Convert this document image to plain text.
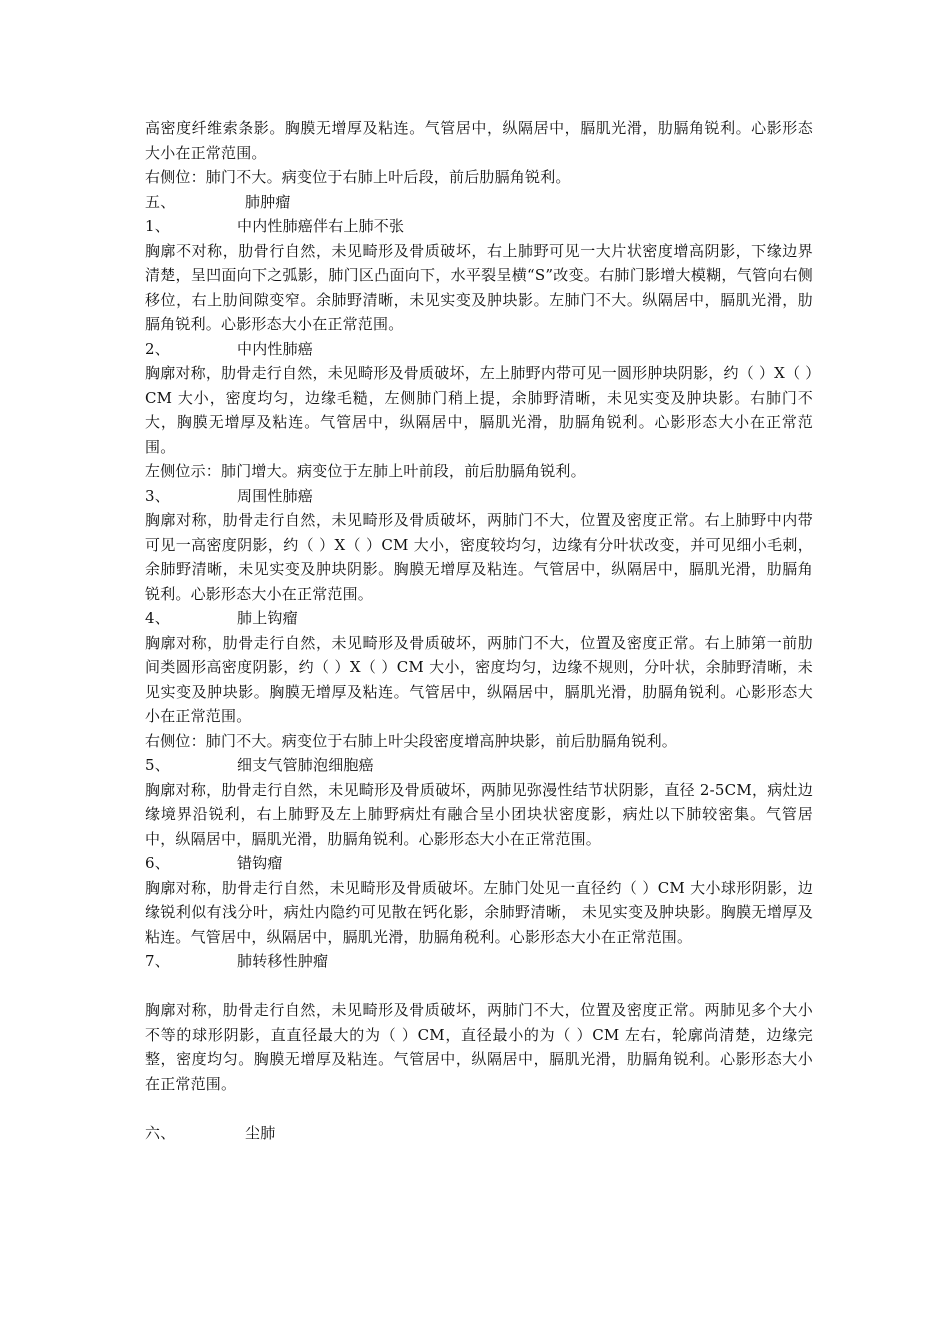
高密度纤维索条影。胸膜无增厚及粘连。气管居中，纵隔居中，膈肌光滑，肋膈角锐利。心影形态大小在正常范围。

右侧位：肺门不大。病变位于右肺上叶后段，前后肋膈角锐利。

五、	肺肿瘤
1、	中内性肺癌伴右上肺不张

胸廓不对称，肋骨行自然，未见畸形及骨质破坏，右上肺野可见一大片状密度增高阴影，下缘边界清楚，呈凹面向下之弧影，肺门区凸面向下，水平裂呈横“S”改变。右肺门影增大模糊，气管向右侧移位，右上肋间隙变窄。余肺野清晰，未见实变及肿块影。左肺门不大。纵隔居中，膈肌光滑，肋膈角锐利。心影形态大小在正常范围。

2、	中内性肺癌

胸廓对称，肋骨走行自然，未见畸形及骨质破坏，左上肺野内带可见一圆形肿块阴影，约（ ）X（ ）CM 大小，密度均匀，边缘毛糙，左侧肺门稍上提，余肺野清晰，未见实变及肿块影。右肺门不大，胸膜无增厚及粘连。气管居中，纵隔居中，膈肌光滑，肋膈角锐利。心影形态大小在正常范围。

左侧位示：肺门增大。病变位于左肺上叶前段，前后肋膈角锐利。

3、	周围性肺癌

胸廓对称，肋骨走行自然，未见畸形及骨质破坏，两肺门不大，位置及密度正常。右上肺野中内带可见一高密度阴影，约（ ）X（ ）CM 大小，密度较均匀，边缘有分叶状改变，并可见细小毛刺，余肺野清晰，未见实变及肿块阴影。胸膜无增厚及粘连。气管居中，纵隔居中，膈肌光滑，肋膈角锐利。心影形态大小在正常范围。

4、	肺上钩瘤

胸廓对称，肋骨走行自然，未见畸形及骨质破坏，两肺门不大，位置及密度正常。右上肺第一前肋间类圆形高密度阴影，约（ ）X（ ）CM 大小，密度均匀，边缘不规则，分叶状，余肺野清晰，未见实变及肿块影。胸膜无增厚及粘连。气管居中，纵隔居中，膈肌光滑，肋膈角锐利。心影形态大小在正常范围。

右侧位：肺门不大。病变位于右肺上叶尖段密度增高肿块影，前后肋膈角锐利。

5、	细支气管肺泡细胞癌

胸廓对称，肋骨走行自然，未见畸形及骨质破坏，两肺见弥漫性结节状阴影，直径 2-5CM，病灶边缘境界沿锐利，右上肺野及左上肺野病灶有融合呈小团块状密度影，病灶以下肺较密集。气管居中，纵隔居中，膈肌光滑，肋膈角锐利。心影形态大小在正常范围。

6、	错钩瘤

胸廓对称，肋骨走行自然，未见畸形及骨质破坏。左肺门处见一直径约（ ）CM 大小球形阴影，边缘锐利似有浅分叶，病灶内隐约可见散在钙化影，余肺野清晰， 未见实变及肿块影。胸膜无增厚及粘连。气管居中，纵隔居中，膈肌光滑，肋膈角税利。心影形态大小在正常范围。

7、	肺转移性肿瘤

胸廓对称，肋骨走行自然，未见畸形及骨质破坏，两肺门不大，位置及密度正常。两肺见多个大小不等的球形阴影，直直径最大的为（ ）CM，直径最小的为（ ）CM 左右，轮廓尚清楚，边缘完整，密度均匀。胸膜无增厚及粘连。气管居中，纵隔居中，膈肌光滑，肋膈角锐利。心影形态大小在正常范围。

六、	尘肺
